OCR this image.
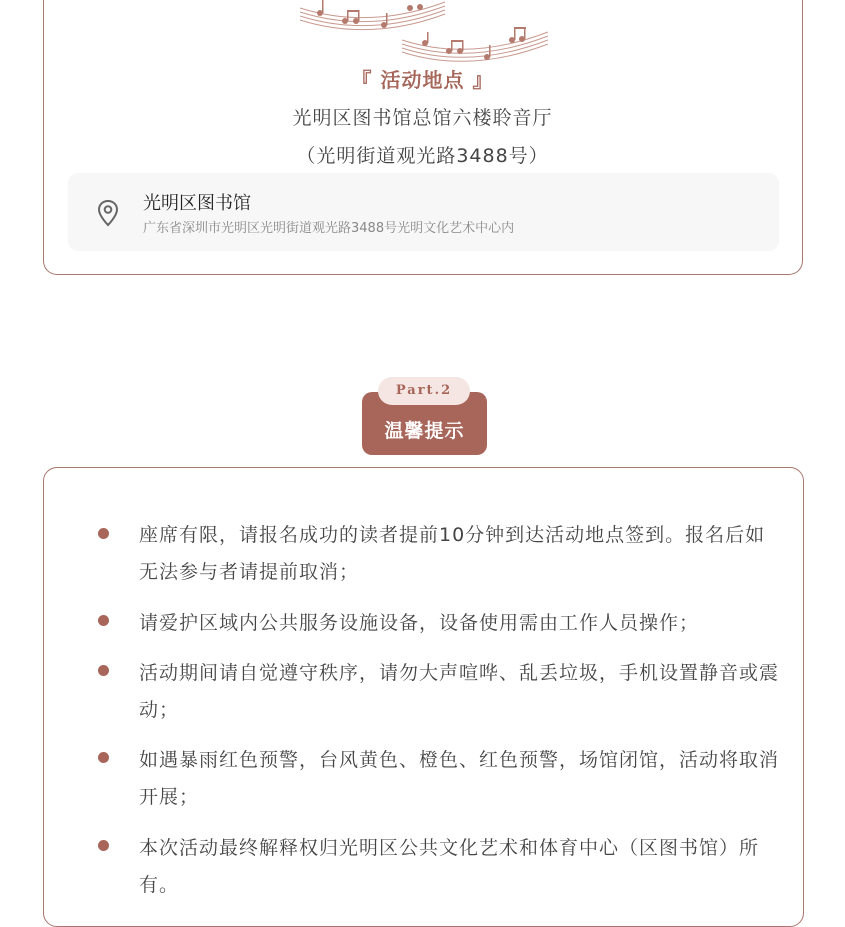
『 活动地点 』
光明区图书馆总馆六楼聆音厅
（光明街道观光路3488号）
光明区图书馆
广东省深圳市光明区光明街道观光路3488号光明文化艺术中心内
Part.2
温馨提示
座席有限，请报名成功的读者提前10分钟到达活动地点签到。报名后如无法参与者请提前取消；
请爱护区域内公共服务设施设备，设备使用需由工作人员操作；
活动期间请自觉遵守秩序，请勿大声喧哗、乱丢垃圾，手机设置静音或震动；
如遇暴雨红色预警，台风黄色、橙色、红色预警，场馆闭馆，活动将取消开展；
本次活动最终解释权归光明区公共文化艺术和体育中心（区图书馆）所有。
